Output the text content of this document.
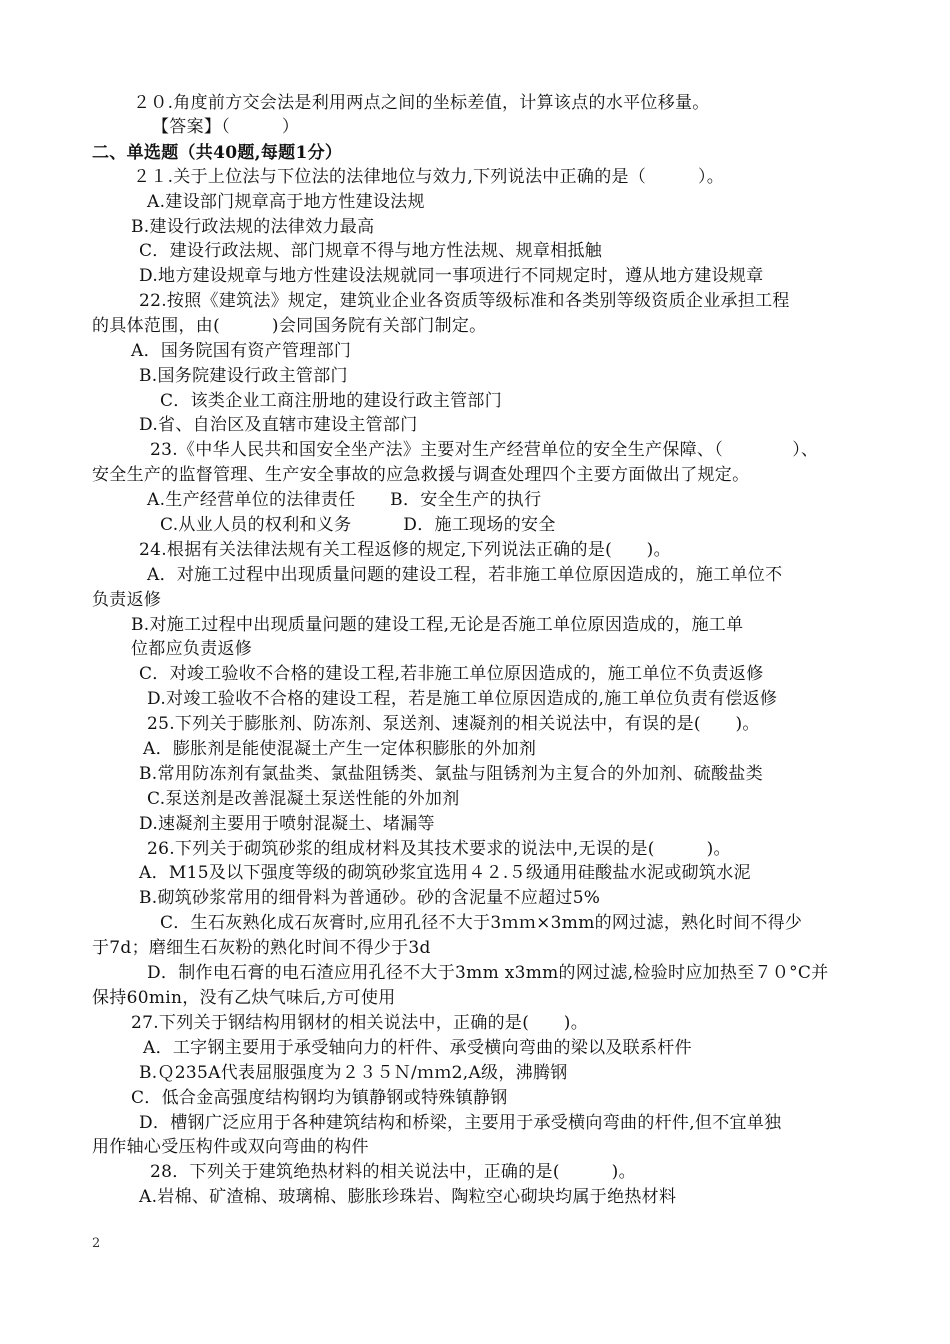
２０.角度前方交会法是利用两点之间的坐标差值，计算该点的水平位移量。
【答案】（　　　）
二、单选题（共40题,每题1分）
２１.关于上位法与下位法的法律地位与效力,下列说法中正确的是（　　　）。
A.建设部门规章高于地方性建设法规
B.建设行政法规的法律效力最高
C．建设行政法规、部门规章不得与地方性法规、规章相抵触
D.地方建设规章与地方性建设法规就同一事项进行不同规定时，遵从地方建设规章
22.按照《建筑法》规定，建筑业企业各资质等级标准和各类别等级资质企业承担工程
的具体范围，由(　　　)会同国务院有关部门制定。
A．国务院国有资产管理部门
B.国务院建设行政主管部门
C．该类企业工商注册地的建设行政主管部门
D.省、自治区及直辖市建设主管部门
23.《中华人民共和国安全坐产法》主要对生产经营单位的安全生产保障、（　　　　）、
安全生产的监督管理、生产安全事故的应急救援与调查处理四个主要方面做出了规定。
A.生产经营单位的法律责任　　B．安全生产的执行
C.从业人员的权利和义务　　　D．施工现场的安全
24.根据有关法律法规有关工程返修的规定,下列说法正确的是(　　)。
A．对施工过程中出现质量问题的建设工程，若非施工单位原因造成的，施工单位不
负责返修
B.对施工过程中出现质量问题的建设工程,无论是否施工单位原因造成的，施工单
位都应负责返修
C．对竣工验收不合格的建设工程,若非施工单位原因造成的，施工单位不负责返修
D.对竣工验收不合格的建设工程，若是施工单位原因造成的,施工单位负责有偿返修
25.下列关于膨胀剂、防冻剂、泵送剂、速凝剂的相关说法中，有误的是(　　)。
A．膨胀剂是能使混凝土产生一定体积膨胀的外加剂
B.常用防冻剂有氯盐类、氯盐阻锈类、氯盐与阻锈剂为主复合的外加剂、硫酸盐类
C.泵送剂是改善混凝土泵送性能的外加剂
D.速凝剂主要用于喷射混凝土、堵漏等
26.下列关于砌筑砂浆的组成材料及其技术要求的说法中,无误的是(　　　)。
A．M15及以下强度等级的砌筑砂浆宜选用４２.５级通用硅酸盐水泥或砌筑水泥
B.砌筑砂浆常用的细骨料为普通砂。砂的含泥量不应超过5%
C．生石灰熟化成石灰膏时,应用孔径不大于3ｍｍ×3mm的网过滤，熟化时间不得少
于7d；磨细生石灰粉的熟化时间不得少于3d
D．制作电石膏的电石渣应用孔径不大于3mm x3mm的网过滤,检验时应加热至７０°C并
保持60min，没有乙炔气味后,方可使用
27.下列关于钢结构用钢材的相关说法中，正确的是(　　)。
A．工字钢主要用于承受轴向力的杆件、承受横向弯曲的梁以及联系杆件
B.Ｑ235A代表屈服强度为２３５Ｎ/ｍｍ2,A级，沸腾钢
C．低合金高强度结构钢均为镇静钢或特殊镇静钢
D．槽钢广泛应用于各种建筑结构和桥梁，主要用于承受横向弯曲的杆件,但不宜单独
用作轴心受压构件或双向弯曲的构件
28．下列关于建筑绝热材料的相关说法中，正确的是(　　　)。
A.岩棉、矿渣棉、玻璃棉、膨胀珍珠岩、陶粒空心砌块均属于绝热材料
2
